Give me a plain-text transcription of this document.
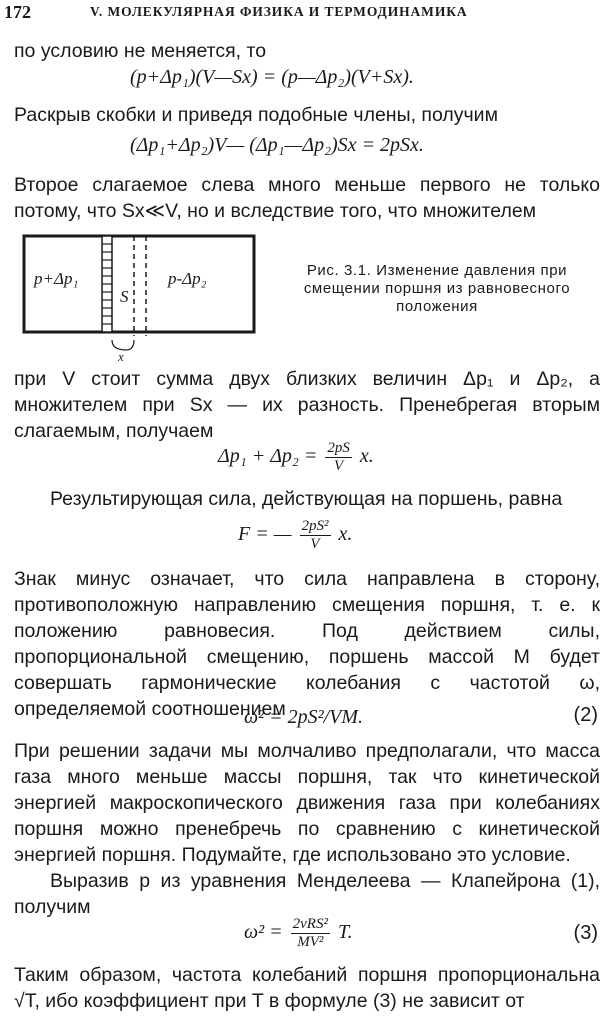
172	V. МОЛЕКУЛЯРНАЯ ФИЗИКА И ТЕРМОДИНАМИКА
по условию не меняется, то
(p+Δp₁)(V—Sx) = (p—Δp₂)(V+Sx).
Раскрыв скобки и приведя подобные члены, получим
(Δp₁+Δp₂)V— (Δp₁—Δp₂)Sx = 2pSx.
Второе слагаемое слева много меньше первого не только потому, что Sx≪V, но и вследствие того, что множителем
p+Δp₁
S
p-Δp₂
x
Рис. 3.1. Изменение давления при смещении поршня из равновесного положения
при V стоит сумма двух близких величин Δp₁ и Δp₂, а множителем при Sx — их разность. Пренебрегая вторым слагаемым, получаем
$\Delta p_1 + \Delta p_2 = \frac{2pS}{V} x$.
Результирующая сила, действующая на поршень, равна
F = — $\frac{\text{2pS²}}{V} x$.
Знак минус означает, что сила направлена в сторону, противоположную направлению смещения поршня, т. е. к положению равновесия. Под действием силы, пропорциональной смещению, поршень массой M будет совершать гармонические колебания с частотой ω, определяемой соотношением
ω² = 2pS²/VM.	(2)
При решении задачи мы молчаливо предполагали, что масса газа много меньше массы поршня, так что кинетической энергией макроскопического движения газа при колебаниях поршня можно пренебречь по сравнению с кинетической энергией поршня. Подумайте, где использовано это условие.
Выразив p из уравнения Менделеева — Клапейрона (1), получим
$\omega^2 = \frac{\text{2νRS²}}{\text{MV²}} T$.	(3)
Таким образом, частота колебаний поршня пропорциональна √T, ибо коэффициент при T в формуле (3) не зависит от
